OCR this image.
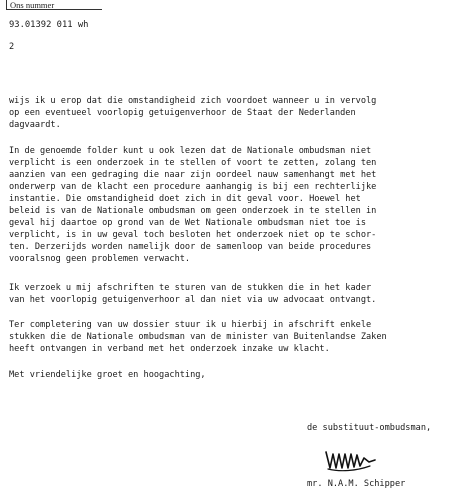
Ons nummer
93.01392 011 wh
2
wijs ik u erop dat die omstandigheid zich voordoet wanneer u in vervolg
op een eventueel voorlopig getuigenverhoor de Staat der Nederlanden
dagvaardt.
In de genoemde folder kunt u ook lezen dat de Nationale ombudsman niet
verplicht is een onderzoek in te stellen of voort te zetten, zolang ten
aanzien van een gedraging die naar zijn oordeel nauw samenhangt met het
onderwerp van de klacht een procedure aanhangig is bij een rechterlijke
instantie. Die omstandigheid doet zich in dit geval voor. Hoewel het
beleid is van de Nationale ombudsman om geen onderzoek in te stellen in
geval hij daartoe op grond van de Wet Nationale ombudsman niet toe is
verplicht, is in uw geval toch besloten het onderzoek niet op te schor-
ten. Derzerijds worden namelijk door de samenloop van beide procedures
vooralsnog geen problemen verwacht.
Ik verzoek u mij afschriften te sturen van de stukken die in het kader
van het voorlopig getuigenverhoor al dan niet via uw advocaat ontvangt.
Ter completering van uw dossier stuur ik u hierbij in afschrift enkele
stukken die de Nationale ombudsman van de minister van Buitenlandse Zaken
heeft ontvangen in verband met het onderzoek inzake uw klacht.
Met vriendelijke groet en hoogachting,
de substituut-ombudsman,
mr. N.A.M. Schipper
